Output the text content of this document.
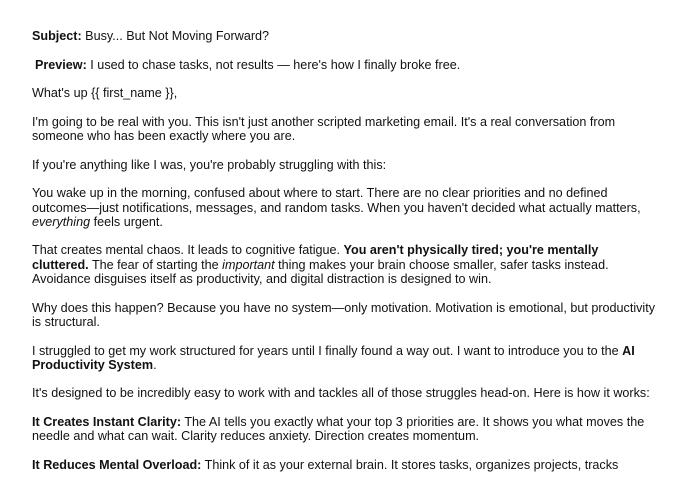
Subject: Busy... But Not Moving Forward?

Preview: I used to chase tasks, not results — here's how I finally broke free.

What's up {{ first_name }},

I'm going to be real with you. This isn't just another scripted marketing email. It's a real conversation from someone who has been exactly where you are.

If you're anything like I was, you're probably struggling with this:

You wake up in the morning, confused about where to start. There are no clear priorities and no defined outcomes—just notifications, messages, and random tasks. When you haven't decided what actually matters, everything feels urgent.

That creates mental chaos. It leads to cognitive fatigue. You aren't physically tired; you're mentally cluttered. The fear of starting the important thing makes your brain choose smaller, safer tasks instead. Avoidance disguises itself as productivity, and digital distraction is designed to win.

Why does this happen? Because you have no system—only motivation. Motivation is emotional, but productivity is structural.

I struggled to get my work structured for years until I finally found a way out. I want to introduce you to the AI Productivity System.

It's designed to be incredibly easy to work with and tackles all of those struggles head-on. Here is how it works:

It Creates Instant Clarity: The AI tells you exactly what your top 3 priorities are. It shows you what moves the needle and what can wait. Clarity reduces anxiety. Direction creates momentum.

It Reduces Mental Overload: Think of it as your external brain. It stores tasks, organizes projects, tracks
